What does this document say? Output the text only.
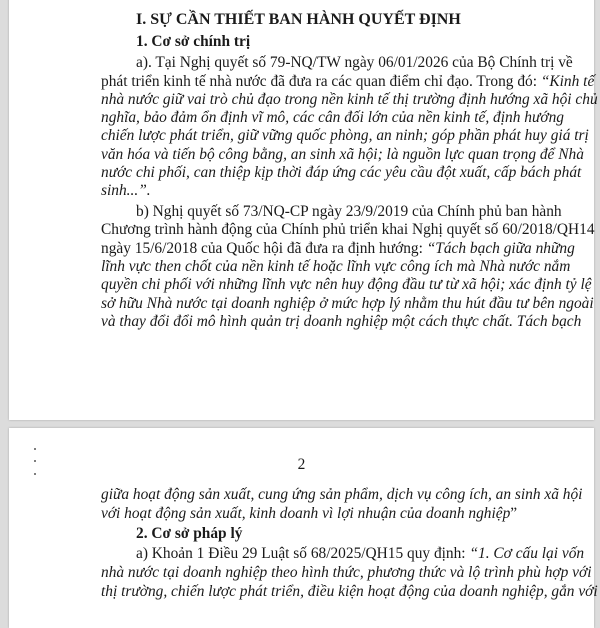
I. SỰ CẦN THIẾT BAN HÀNH QUYẾT ĐỊNH
1. Cơ sở chính trị
a). Tại Nghị quyết số 79-NQ/TW ngày 06/01/2026 của Bộ Chính trị về
phát triển kinh tế nhà nước đã đưa ra các quan điểm chỉ đạo. Trong đó: “Kinh tế
nhà nước giữ vai trò chủ đạo trong nền kinh tế thị trường định hướng xã hội chủ
nghĩa, bảo đảm ổn định vĩ mô, các cân đối lớn của nền kinh tế, định hướng
chiến lược phát triển, giữ vững quốc phòng, an ninh; góp phần phát huy giá trị
văn hóa và tiến bộ công bằng, an sinh xã hội; là nguồn lực quan trọng để Nhà
nước chi phối, can thiệp kịp thời đáp ứng các yêu cầu đột xuất, cấp bách phát
sinh...”.
b) Nghị quyết số 73/NQ-CP ngày 23/9/2019 của Chính phủ ban hành
Chương trình hành động của Chính phủ triển khai Nghị quyết số 60/2018/QH14
ngày 15/6/2018 của Quốc hội đã đưa ra định hướng: “Tách bạch giữa những
lĩnh vực then chốt của nền kinh tế hoặc lĩnh vực công ích mà Nhà nước nắm
quyền chi phối với những lĩnh vực nên huy động đầu tư từ xã hội; xác định tỷ lệ
sở hữu Nhà nước tại doanh nghiệp ở mức hợp lý nhằm thu hút đầu tư bên ngoài
và thay đổi đổi mô hình quản trị doanh nghiệp một cách thực chất. Tách bạch
2
giữa hoạt động sản xuất, cung ứng sản phẩm, dịch vụ công ích, an sinh xã hội
với hoạt động sản xuất, kinh doanh vì lợi nhuận của doanh nghiệp”
2. Cơ sở pháp lý
a) Khoản 1 Điều 29 Luật số 68/2025/QH15 quy định: “1. Cơ cấu lại vốn
nhà nước tại doanh nghiệp theo hình thức, phương thức và lộ trình phù hợp với
thị trường, chiến lược phát triển, điều kiện hoạt động của doanh nghiệp, gắn với
